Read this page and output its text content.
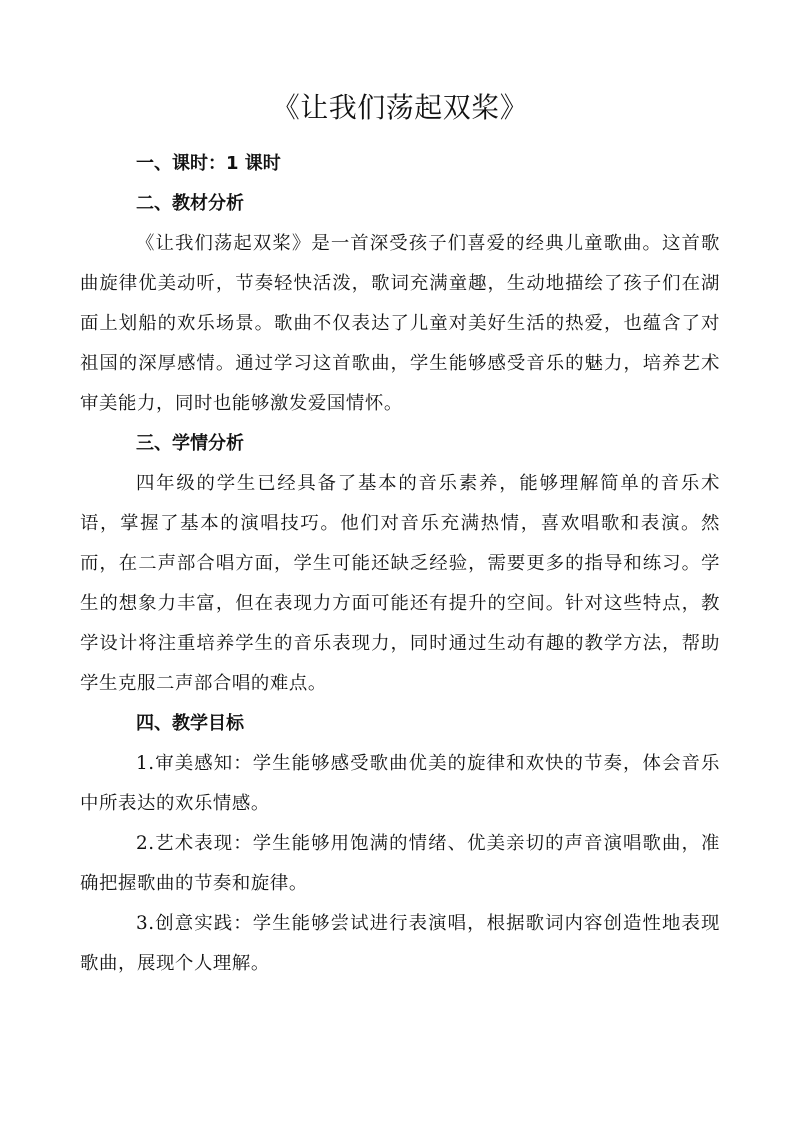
《让我们荡起双桨》
一、课时：1 课时
二、教材分析

《让我们荡起双桨》是一首深受孩子们喜爱的经典儿童歌曲。这首歌曲旋律优美动听，节奏轻快活泼，歌词充满童趣，生动地描绘了孩子们在湖面上划船的欢乐场景。歌曲不仅表达了儿童对美好生活的热爱，也蕴含了对祖国的深厚感情。通过学习这首歌曲，学生能够感受音乐的魅力，培养艺术审美能力，同时也能够激发爱国情怀。

三、学情分析

四年级的学生已经具备了基本的音乐素养，能够理解简单的音乐术语，掌握了基本的演唱技巧。他们对音乐充满热情，喜欢唱歌和表演。然而，在二声部合唱方面，学生可能还缺乏经验，需要更多的指导和练习。学生的想象力丰富，但在表现力方面可能还有提升的空间。针对这些特点，教学设计将注重培养学生的音乐表现力，同时通过生动有趣的教学方法，帮助学生克服二声部合唱的难点。

四、教学目标

1.审美感知：学生能够感受歌曲优美的旋律和欢快的节奏，体会音乐中所表达的欢乐情感。

2.艺术表现：学生能够用饱满的情绪、优美亲切的声音演唱歌曲，准确把握歌曲的节奏和旋律。

3.创意实践：学生能够尝试进行表演唱，根据歌词内容创造性地表现歌曲，展现个人理解。
